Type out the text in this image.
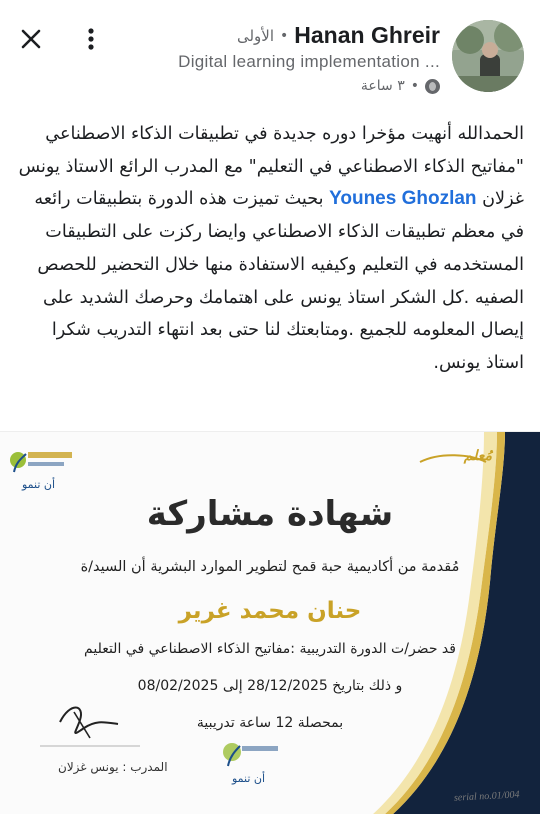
الأولى • Hanan Ghreir
Digital learning implementation ...
٣ ساعة •
الحمدالله أنهيت مؤخرا دوره جديدة في تطبيقات الذكاء الاصطناعي "مفاتيح الذكاء الاصطناعي في التعليم" مع المدرب الرائع الاستاذ يونس غزلان Younes Ghozlan بحيث تميزت هذه الدورة بتطبيقات رائعه في معظم تطبيقات الذكاء الاصطناعي وايضا ركزت على التطبيقات المستخدمه في التعليم وكيفيه الاستفادة منها خلال التحضير للحصص الصفيه .كل الشكر استاذ يونس على اهتمامك وحرصك الشديد على إيصال المعلومه للجميع .ومتابعتك لنا حتى بعد انتهاء التدريب شكرا استاذ يونس.
مُعلم
أن تنمو
شهادة مشاركة
مُقدمة من أكاديمية حبة قمح لتطوير الموارد البشرية أن السيد/ة
حنان محمد غرير
قد حضر/ت الدورة التدريبية :مفاتيح الذكاء الاصطناعي في التعليم
و ذلك بتاريخ 28/12/2025 إلى 08/02/2025
بمحصلة 12 ساعة تدريبية
المدرب : يونس غزلان
أن تنمو
serial no.01/004
